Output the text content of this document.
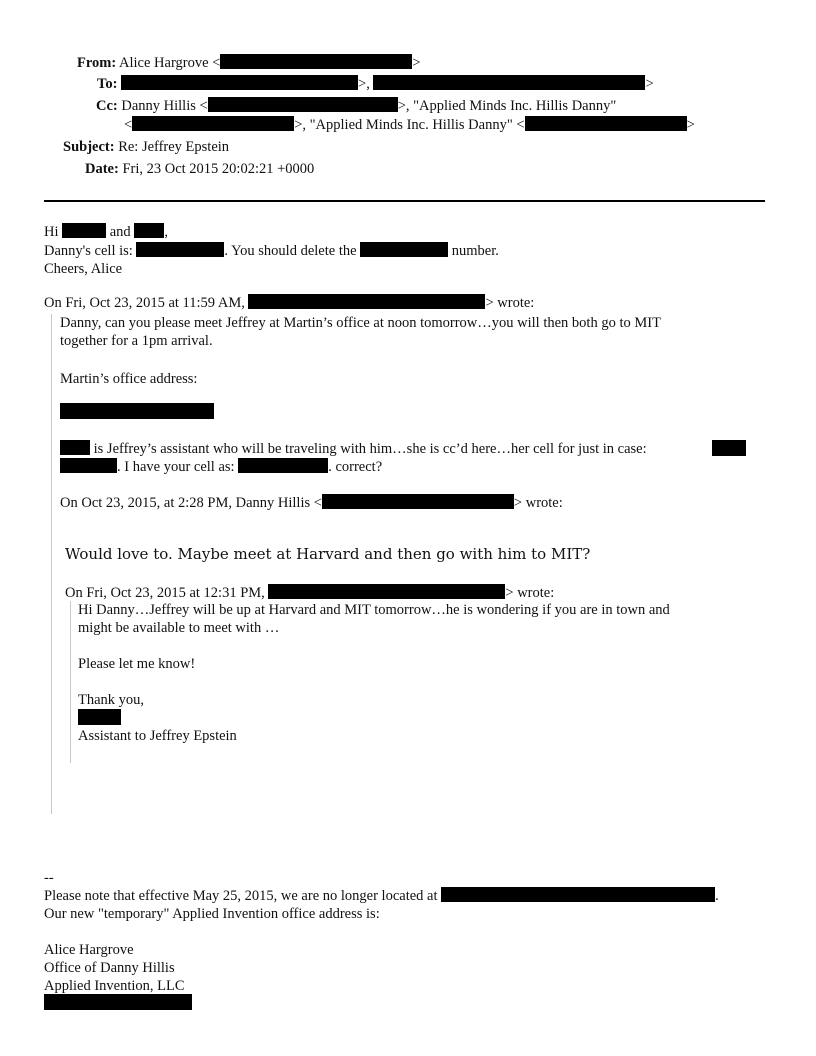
From: Alice Hargrove <	>
To:	>,	>
Cc: Danny Hillis <	>, "Applied Minds Inc. Hillis Danny"
<	>, "Applied Minds Inc. Hillis Danny" <	>
Subject: Re: Jeffrey Epstein
Date: Fri, 23 Oct 2015 20:02:21 +0000
Hi	and ,
Danny's cell is:	. You should delete the	number.
Cheers, Alice
On Fri, Oct 23, 2015 at 11:59 AM,	> wrote:
Danny, can you please meet Jeffrey at Martin’s office at noon tomorrow…you will then both go to MIT
together for a 1pm arrival.
Martin’s office address:
is Jeffrey’s assistant who will be traveling with him…she is cc’d here…her cell for just in case:
. I have your cell as:	. correct?
On Oct 23, 2015, at 2:28 PM, Danny Hillis <	> wrote:
Would love to. Maybe meet at Harvard and then go with him to MIT?
On Fri, Oct 23, 2015 at 12:31 PM,	> wrote:
Hi Danny…Jeffrey will be up at Harvard and MIT tomorrow…he is wondering if you are in town and
might be available to meet with …
Please let me know!
Thank you,
Assistant to Jeffrey Epstein
--
Please note that effective May 25, 2015, we are no longer located at	.
Our new "temporary" Applied Invention office address is:
Alice Hargrove
Office of Danny Hillis
Applied Invention, LLC
